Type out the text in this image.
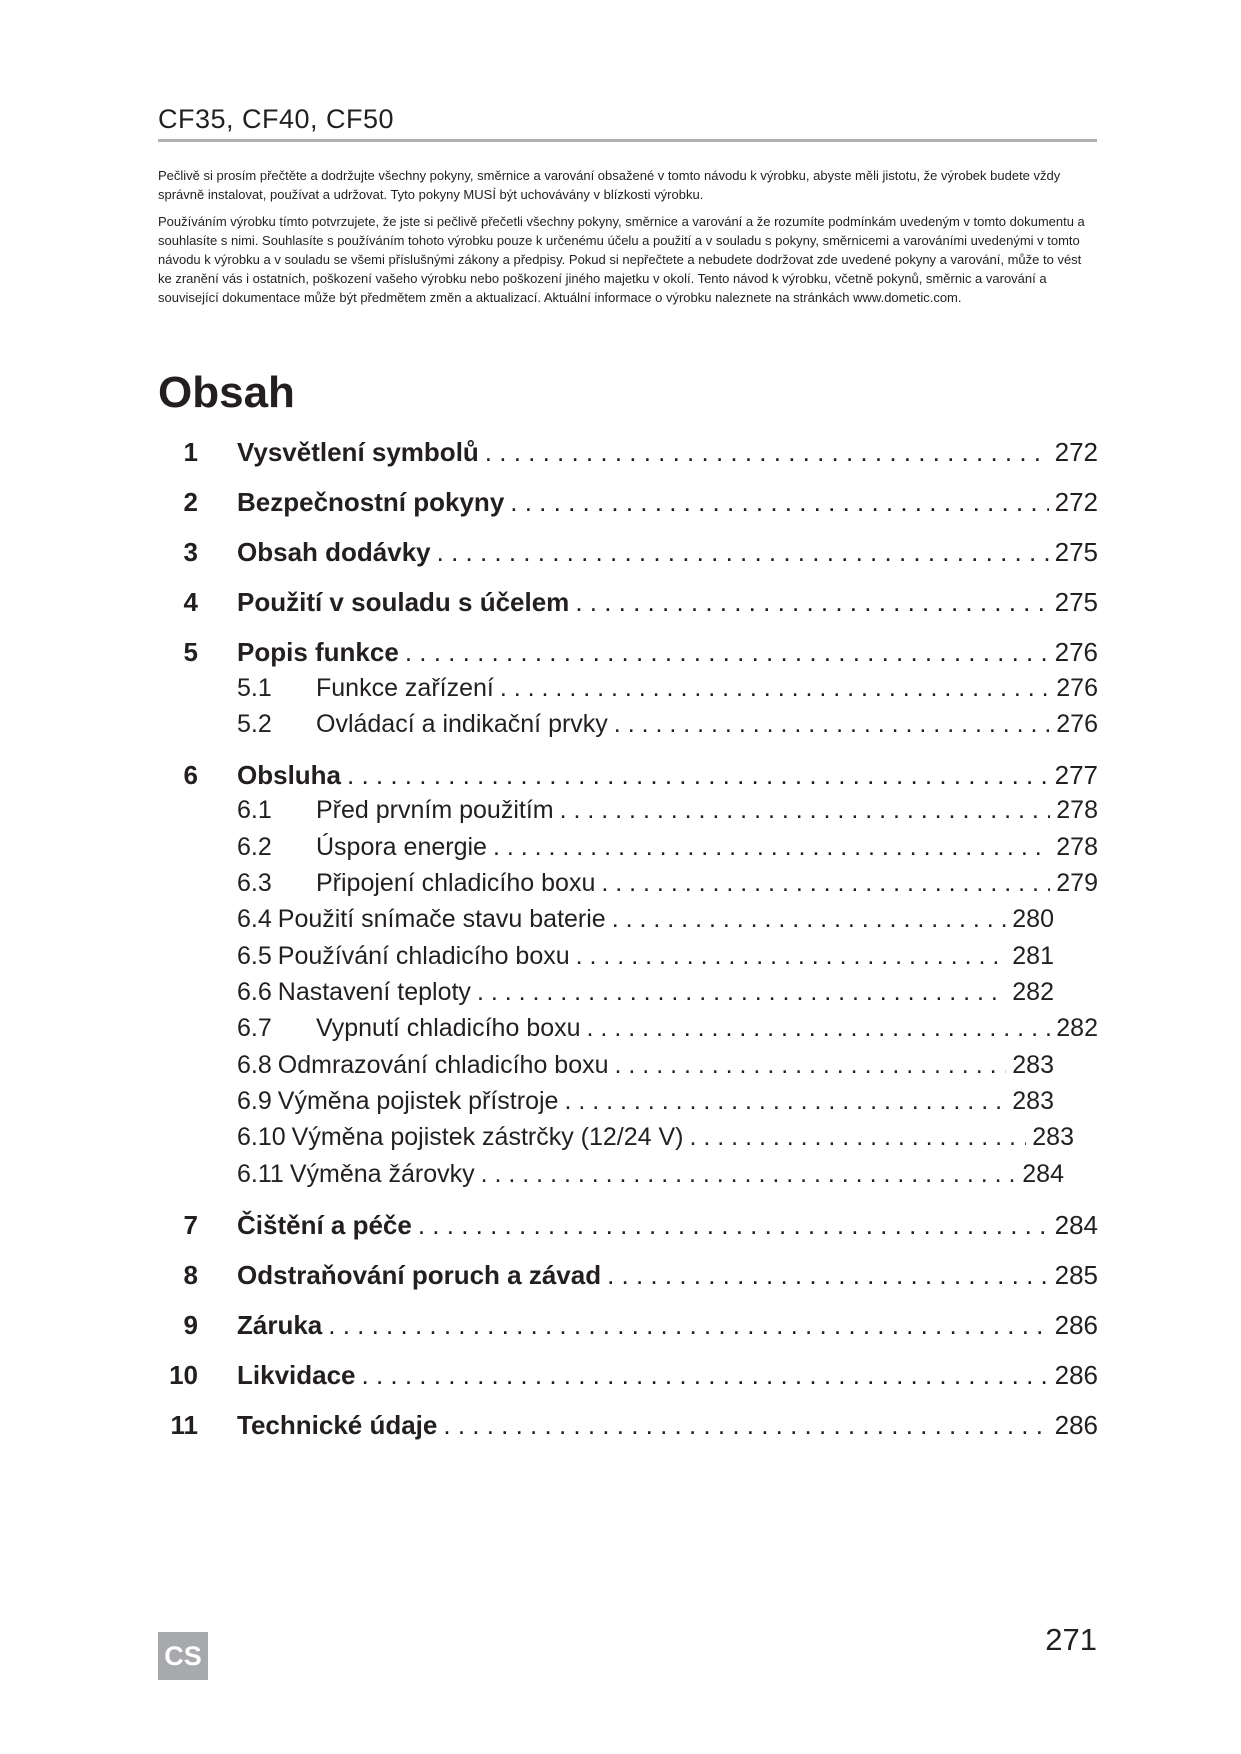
CF35, CF40, CF50

Pečlivě si prosím přečtěte a dodržujte všechny pokyny, směrnice a varování obsažené v tomto návodu k výrobku, abyste měli jistotu, že výrobek budete vždy správně instalovat, používat a udržovat. Tyto pokyny MUSÍ být uchovávány v blízkosti výrobku.

Používáním výrobku tímto potvrzujete, že jste si pečlivě přečetli všechny pokyny, směrnice a varování a že rozumíte podmínkám uvedeným v tomto dokumentu a souhlasíte s nimi. Souhlasíte s používáním tohoto výrobku pouze k určenému účelu a použití a v souladu s pokyny, směrnicemi a varováními uvedenými v tomto návodu k výrobku a v souladu se všemi příslušnými zákony a předpisy. Pokud si nepřečtete a nebudete dodržovat zde uvedené pokyny a varování, může to vést ke zranění vás i ostatních, poškození vašeho výrobku nebo poškození jiného majetku v okolí. Tento návod k výrobku, včetně pokynů, směrnic a varování a související dokumentace může být předmětem změn a aktualizací. Aktuální informace o výrobku naleznete na stránkách www.dometic.com.

Obsah
1 Vysvětlení symbolů . . .	272
2 Bezpečnostní pokyny . . .	272
3 Obsah dodávky . . .	275
4 Použití v souladu s účelem . . .	275
5 Popis funkce . . .	276
5.1	Funkce zařízení . . .	276
5.2	Ovládací a indikační prvky . . .	276
6 Obsluha . . .	277
6.1	Před prvním použitím . . .	278
6.2	Úspora energie . . .	278
6.3	Připojení chladicího boxu . . .	279
6.4 Použití snímače stavu baterie . . .	280
6.5 Používání chladicího boxu . . .	281
6.6 Nastavení teploty . . .	282
6.7	Vypnutí chladicího boxu . . .	282
6.8 Odmrazování chladicího boxu . . .	283
6.9 Výměna pojistek přístroje . . .	283
6.10 Výměna pojistek zástrčky (12/24 V) . . .	283
6.11 Výměna žárovky . . .	284
7 Čištění a péče . . .	284
8 Odstraňování poruch a závad . . .	285
9 Záruka . . .	286
10 Likvidace . . .	286
11 Technické údaje . . .	286
CS	271
